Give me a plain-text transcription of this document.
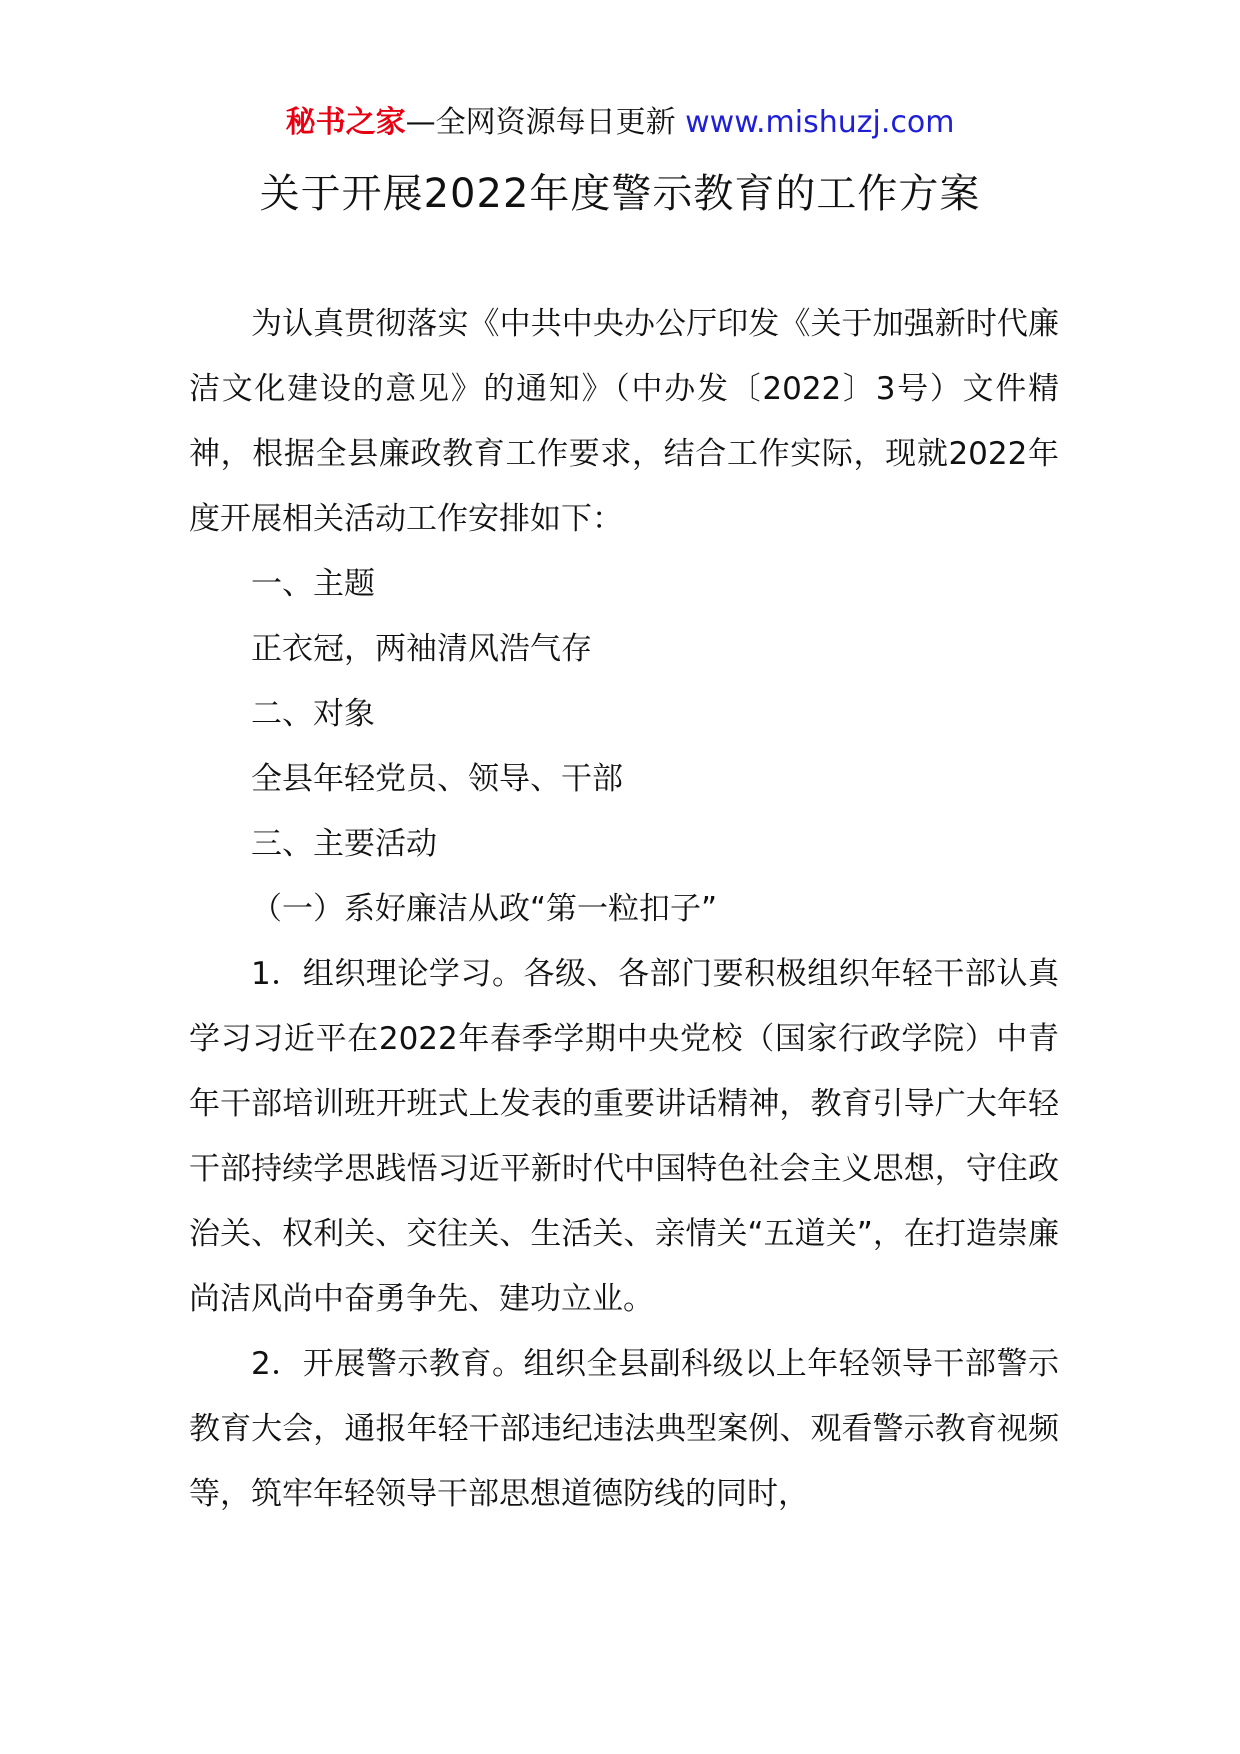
秘书之家—全网资源每日更新 www.mishuzj.com
关于开展2022年度警示教育的工作方案

为认真贯彻落实《中共中央办公厅印发《关于加强新时代廉洁文化建设的意见》的通知》（中办发〔2022〕3号）文件精神，根据全县廉政教育工作要求，结合工作实际，现就2022年度开展相关活动工作安排如下：

一、主题

正衣冠，两袖清风浩气存

二、对象

全县年轻党员、领导、干部

三、主要活动

（一）系好廉洁从政“第一粒扣子”

1．组织理论学习。各级、各部门要积极组织年轻干部认真学习习近平在2022年春季学期中央党校（国家行政学院）中青年干部培训班开班式上发表的重要讲话精神，教育引导广大年轻干部持续学思践悟习近平新时代中国特色社会主义思想，守住政治关、权利关、交往关、生活关、亲情关“五道关”，在打造崇廉尚洁风尚中奋勇争先、建功立业。

2．开展警示教育。组织全县副科级以上年轻领导干部警示教育大会，通报年轻干部违纪违法典型案例、观看警示教育视频等，筑牢年轻领导干部思想道德防线的同时，
